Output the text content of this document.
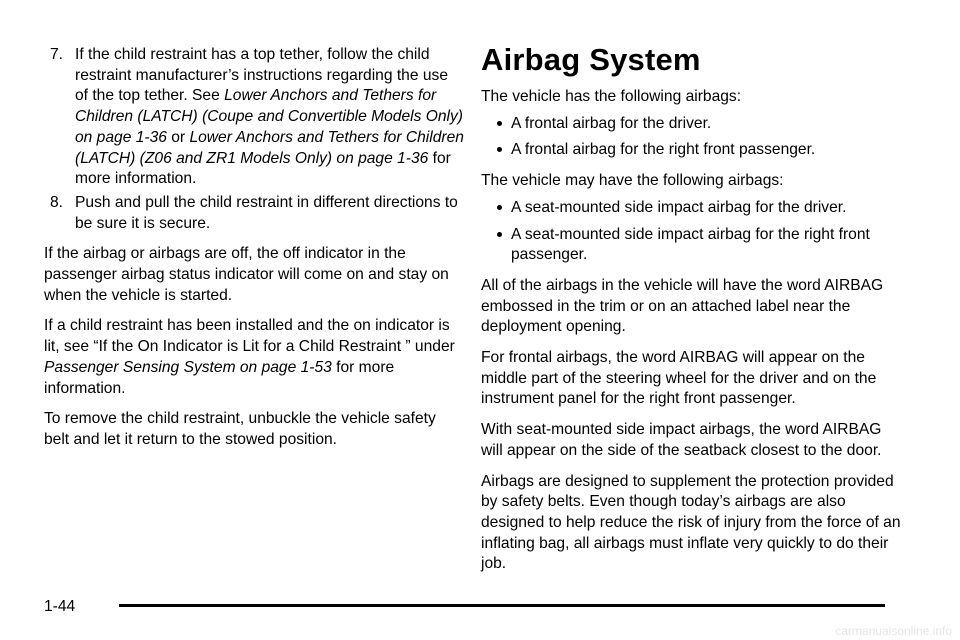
7. If the child restraint has a top tether, follow the child restraint manufacturer’s instructions regarding the use of the top tether. See Lower Anchors and Tethers for Children (LATCH) (Coupe and Convertible Models Only) on page 1-36 or Lower Anchors and Tethers for Children (LATCH) (Z06 and ZR1 Models Only) on page 1-36 for more information.
8. Push and pull the child restraint in different directions to be sure it is secure.

If the airbag or airbags are off, the off indicator in the passenger airbag status indicator will come on and stay on when the vehicle is started.

If a child restraint has been installed and the on indicator is lit, see “If the On Indicator is Lit for a Child Restraint ” under Passenger Sensing System on page 1-53 for more information.

To remove the child restraint, unbuckle the vehicle safety belt and let it return to the stowed position.

Airbag System

The vehicle has the following airbags:

A frontal airbag for the driver.
A frontal airbag for the right front passenger.

The vehicle may have the following airbags:

A seat-mounted side impact airbag for the driver.
A seat-mounted side impact airbag for the right front passenger.

All of the airbags in the vehicle will have the word AIRBAG embossed in the trim or on an attached label near the deployment opening.

For frontal airbags, the word AIRBAG will appear on the middle part of the steering wheel for the driver and on the instrument panel for the right front passenger.

With seat-mounted side impact airbags, the word AIRBAG will appear on the side of the seatback closest to the door.

Airbags are designed to supplement the protection provided by safety belts. Even though today’s airbags are also designed to help reduce the risk of injury from the force of an inflating bag, all airbags must inflate very quickly to do their job.

1-44
carmanualsonline.info
